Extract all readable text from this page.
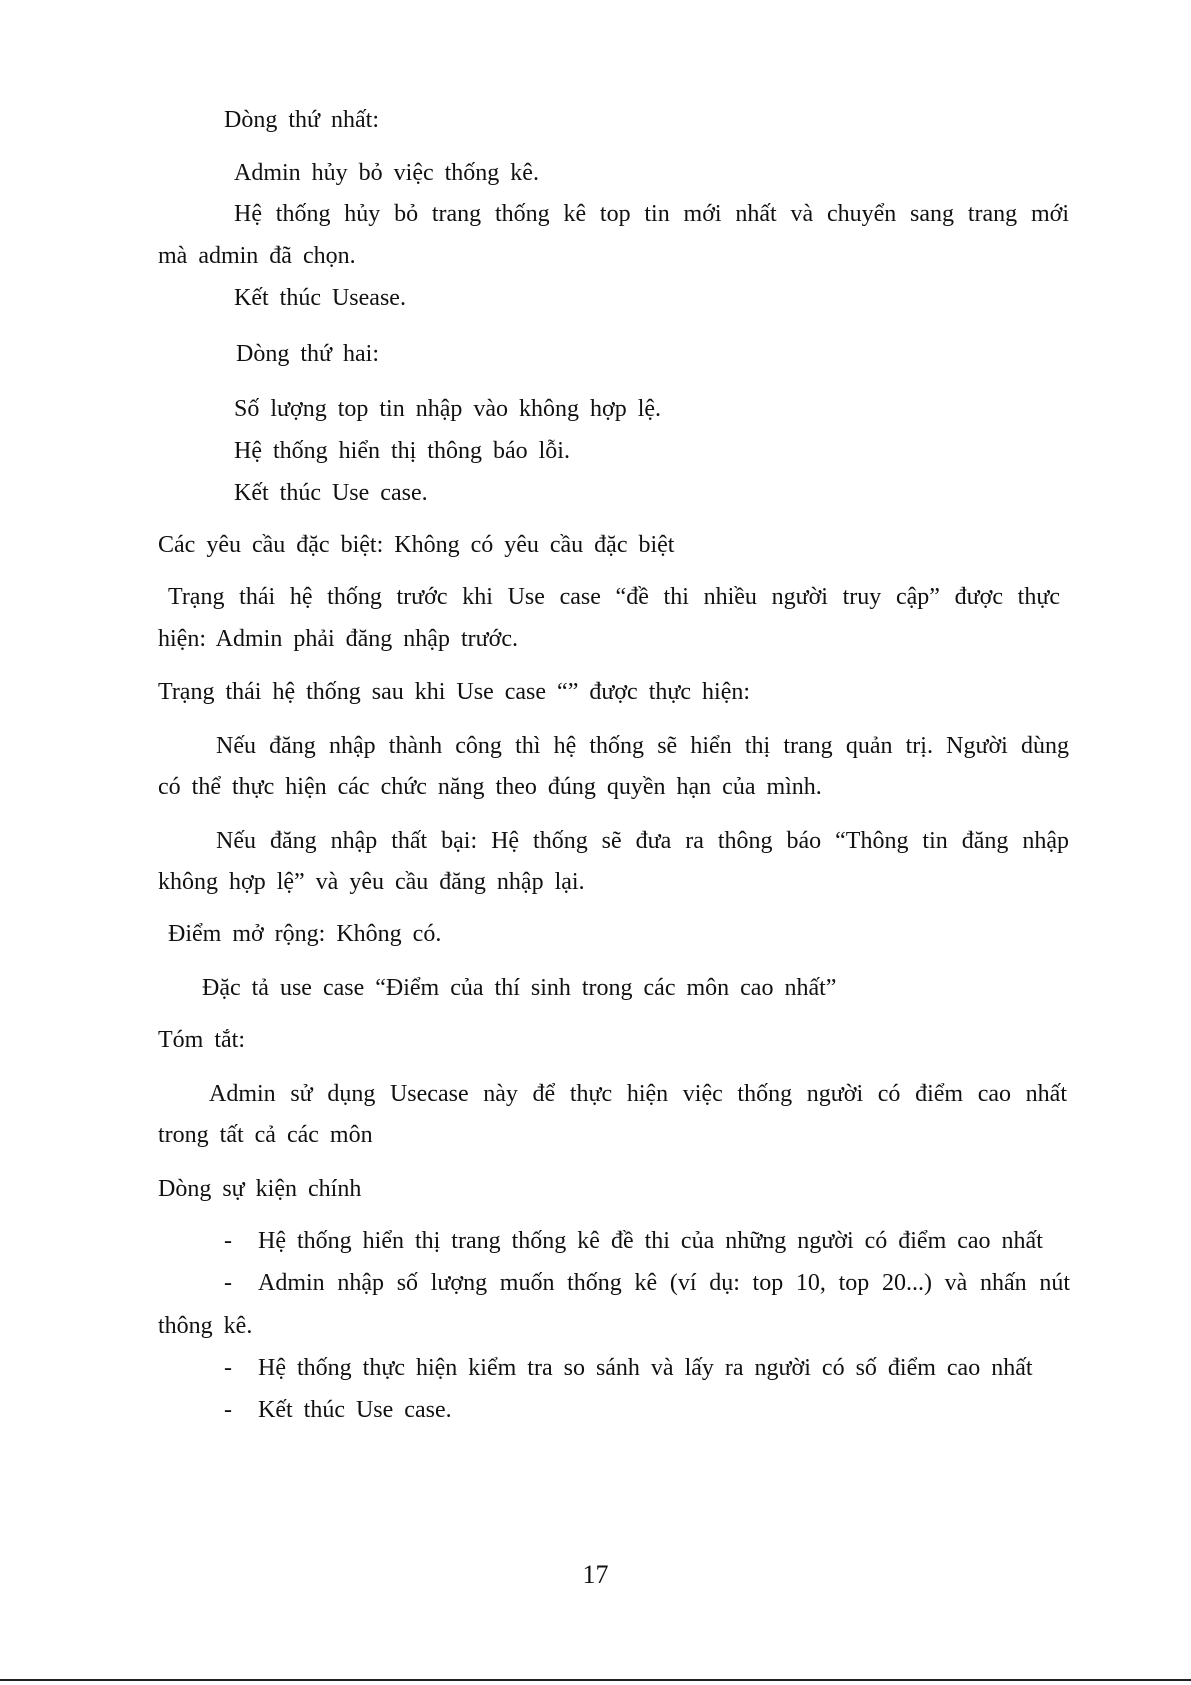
Dòng thứ nhất:

Admin hủy bỏ việc thống kê.

Hệ thống hủy bỏ trang thống kê top tin mới nhất và chuyển sang trang mới

mà admin đã chọn.

Kết thúc Usease.

Dòng thứ hai:

Số lượng top tin nhập vào không hợp lệ.

Hệ thống hiển thị thông báo lỗi.

Kết thúc Use case.

Các yêu cầu đặc biệt: Không có yêu cầu đặc biệt

Trạng thái hệ thống trước khi Use case “đề thi nhiều người truy cập” được thực

hiện: Admin phải đăng nhập trước.

Trạng thái hệ thống sau khi Use case “” được thực hiện:

Nếu đăng nhập thành công thì hệ thống sẽ hiển thị trang quản trị. Người dùng

có thể thực hiện các chức năng theo đúng quyền hạn của mình.

Nếu đăng nhập thất bại: Hệ thống sẽ đưa ra thông báo “Thông tin đăng nhập

không hợp lệ” và yêu cầu đăng nhập lại.

Điểm mở rộng: Không có.

Đặc tả use case “Điểm của thí sinh trong các môn cao nhất”

Tóm tắt:

Admin sử dụng Usecase này để thực hiện việc thống người có điểm cao nhất

trong tất cả các môn

Dòng sự kiện chính

- Hệ thống hiển thị trang thống kê đề thi của những người có điểm cao nhất

- Admin nhập số lượng muốn thống kê (ví dụ: top 10, top 20...) và nhấn nút

thông kê.

- Hệ thống thực hiện kiểm tra so sánh và lấy ra người có số điểm cao nhất

- Kết thúc Use case.

17
